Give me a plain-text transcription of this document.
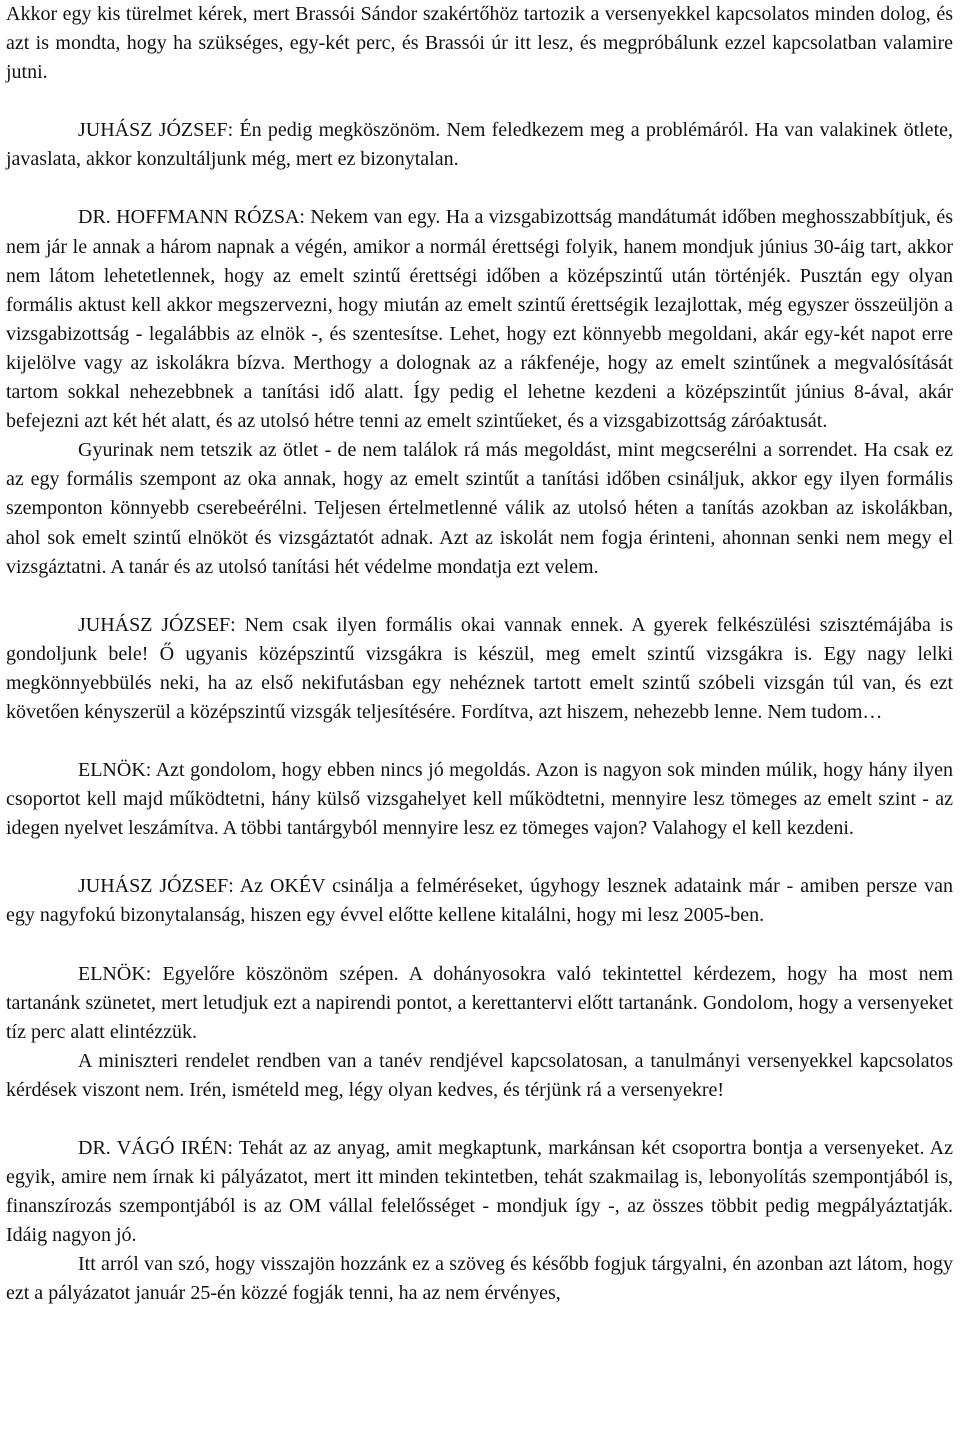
Akkor egy kis türelmet kérek, mert Brassói Sándor szakértőhöz tartozik a versenyekkel kapcsolatos minden dolog, és azt is mondta, hogy ha szükséges, egy-két perc, és Brassói úr itt lesz, és megpróbálunk ezzel kapcsolatban valamire jutni.

JUHÁSZ JÓZSEF: Én pedig megköszönöm. Nem feledkezem meg a problémáról. Ha van valakinek ötlete, javaslata, akkor konzultáljunk még, mert ez bizonytalan.

DR. HOFFMANN RÓZSA: Nekem van egy. Ha a vizsgabizottság mandátumát időben meghosszabbítjuk, és nem jár le annak a három napnak a végén, amikor a normál érettségi folyik, hanem mondjuk június 30-áig tart, akkor nem látom lehetetlennek, hogy az emelt szintű érettségi időben a középszintű után történjék. Pusztán egy olyan formális aktust kell akkor megszervezni, hogy miután az emelt szintű érettségik lezajlottak, még egyszer összeüljön a vizsgabizottság - legalábbis az elnök -, és szentesítse. Lehet, hogy ezt könnyebb megoldani, akár egy-két napot erre kijelölve vagy az iskolákra bízva. Merthogy a dolognak az a rákfenéje, hogy az emelt szintűnek a megvalósítását tartom sokkal nehezebbnek a tanítási idő alatt. Így pedig el lehetne kezdeni a középszintűt június 8-ával, akár befejezni azt két hét alatt, és az utolsó hétre tenni az emelt szintűeket, és a vizsgabizottság záróaktusát.

Gyurinak nem tetszik az ötlet - de nem találok rá más megoldást, mint megcserélni a sorrendet. Ha csak ez az egy formális szempont az oka annak, hogy az emelt szintűt a tanítási időben csináljuk, akkor egy ilyen formális szemponton könnyebb cserebeérélni. Teljesen értelmetlenné válik az utolsó héten a tanítás azokban az iskolákban, ahol sok emelt szintű elnököt és vizsgáztatót adnak. Azt az iskolát nem fogja érinteni, ahonnan senki nem megy el vizsgáztatni. A tanár és az utolsó tanítási hét védelme mondatja ezt velem.

JUHÁSZ JÓZSEF: Nem csak ilyen formális okai vannak ennek. A gyerek felkészülési szisztémájába is gondoljunk bele! Ő ugyanis középszintű vizsgákra is készül, meg emelt szintű vizsgákra is. Egy nagy lelki megkönnyebbülés neki, ha az első nekifutásban egy nehéznek tartott emelt szintű szóbeli vizsgán túl van, és ezt követően kényszerül a középszintű vizsgák teljesítésére. Fordítva, azt hiszem, nehezebb lenne. Nem tudom…

ELNÖK: Azt gondolom, hogy ebben nincs jó megoldás. Azon is nagyon sok minden múlik, hogy hány ilyen csoportot kell majd működtetni, hány külső vizsgahelyet kell működtetni, mennyire lesz tömeges az emelt szint - az idegen nyelvet leszámítva. A többi tantárgyból mennyire lesz ez tömeges vajon? Valahogy el kell kezdeni.

JUHÁSZ JÓZSEF: Az OKÉV csinálja a felméréseket, úgyhogy lesznek adataink már - amiben persze van egy nagyfokú bizonytalanság, hiszen egy évvel előtte kellene kitalálni, hogy mi lesz 2005-ben.

ELNÖK: Egyelőre köszönöm szépen. A dohányosokra való tekintettel kérdezem, hogy ha most nem tartanánk szünetet, mert letudjuk ezt a napirendi pontot, a kerettantervi előtt tartanánk. Gondolom, hogy a versenyeket tíz perc alatt elintézzük.

A miniszteri rendelet rendben van a tanév rendjével kapcsolatosan, a tanulmányi versenyekkel kapcsolatos kérdések viszont nem. Irén, ismételd meg, légy olyan kedves, és térjünk rá a versenyekre!

DR. VÁGÓ IRÉN: Tehát az az anyag, amit megkaptunk, markánsan két csoportra bontja a versenyeket. Az egyik, amire nem írnak ki pályázatot, mert itt minden tekintetben, tehát szakmailag is, lebonyolítás szempontjából is, finanszírozás szempontjából is az OM vállal felelősséget - mondjuk így -, az összes többit pedig megpályáztatják. Idáig nagyon jó.

Itt arról van szó, hogy visszajön hozzánk ez a szöveg és később fogjuk tárgyalni, én azonban azt látom, hogy ezt a pályázatot január 25-én közzé fogják tenni, ha az nem érvényes,
